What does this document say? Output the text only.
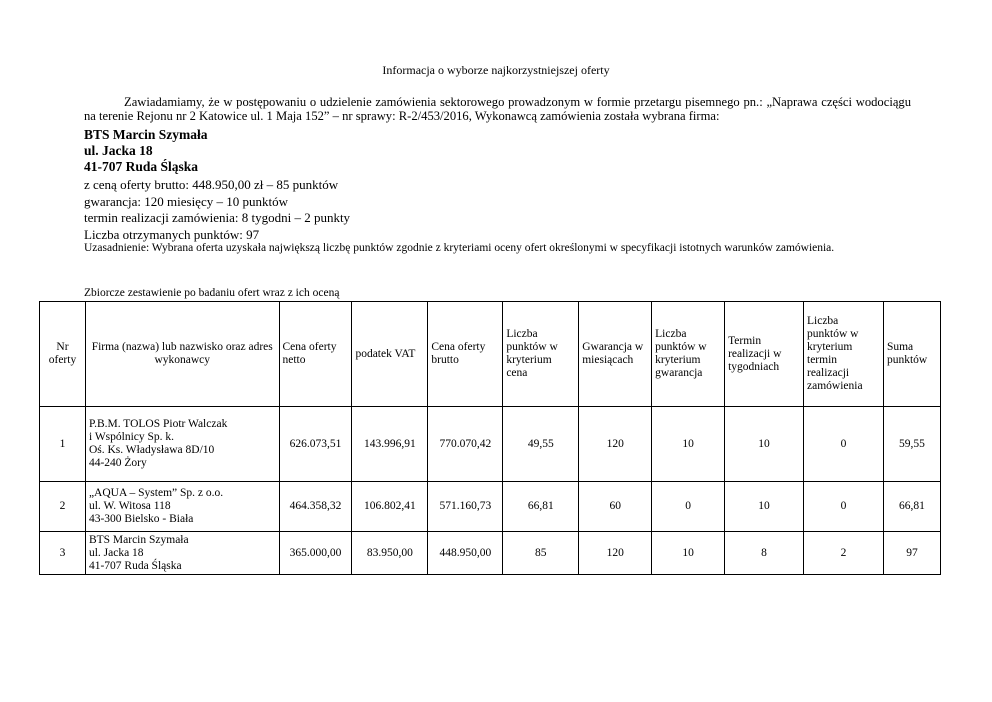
Informacja o wyborze najkorzystniejszej oferty
Zawiadamiamy, że w postępowaniu o udzielenie zamówienia sektorowego prowadzonym w formie przetargu pisemnego pn.: „Naprawa części wodociągu na terenie Rejonu nr 2 Katowice ul. 1 Maja 152” – nr sprawy: R-2/453/2016, Wykonawcą zamówienia została wybrana firma:
BTS Marcin Szymała
ul. Jacka 18
41-707 Ruda Śląska
z ceną oferty brutto: 448.950,00 zł – 85 punktów
gwarancja: 120 miesięcy – 10 punktów
termin realizacji zamówienia: 8 tygodni – 2 punkty
Liczba otrzymanych punktów: 97
Uzasadnienie: Wybrana oferta uzyskała największą liczbę punktów zgodnie z kryteriami oceny ofert określonymi w specyfikacji istotnych warunków zamówienia.
Zbiorcze zestawienie po badaniu ofert wraz z ich oceną
Nr oferty	Firma (nazwa) lub nazwisko oraz adres wykonawcy	Cena oferty netto	podatek VAT	Cena oferty brutto	Liczba punktów w kryterium cena	Gwarancja w miesiącach	Liczba punktów w kryterium gwarancja	Termin realizacji w tygodniach	Liczba punktów w kryterium termin realizacji zamówienia	Suma punktów
1	P.B.M. TOLOS Piotr Walczak
i Wspólnicy Sp. k.
Oś. Ks. Władysława 8D/10
44-240 Żory	626.073,51	143.996,91	770.070,42	49,55	120	10	10	0	59,55
2	„AQUA – System” Sp. z o.o.
ul. W. Witosa 118
43-300 Bielsko - Biała	464.358,32	106.802,41	571.160,73	66,81	60	0	10	0	66,81
3	BTS Marcin Szymała
ul. Jacka 18
41-707 Ruda Śląska	365.000,00	83.950,00	448.950,00	85	120	10	8	2	97
